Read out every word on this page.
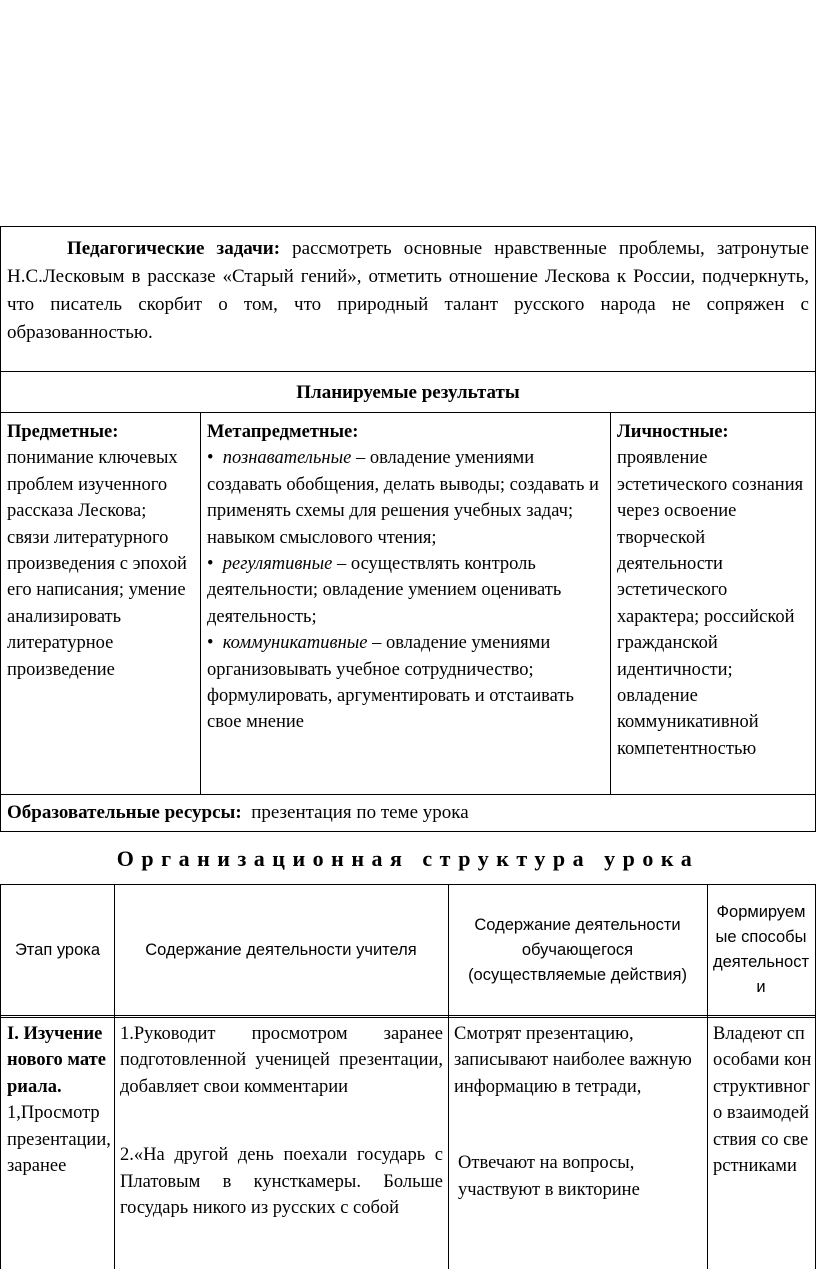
Педагогические задачи: рассмотреть основные нравственные проблемы, затронутые Н.С.Лесковым в рассказе «Старый гений», отметить отношение Лескова к России, подчеркнуть, что писатель скорбит о том, что природный талант русского народа не сопряжен с образованностью.
Планируемые результаты
Предметные:
понимание ключевых проблем изученного рассказа Лескова; связи литературного произведения с эпохой его написания; умение анализировать литературное произведение
Метапредметные:
• познавательные – овладение умениями создавать обобщения, делать выводы; создавать и применять схемы для решения учебных задач; навыком смыслового чтения;
• регулятивные – осуществлять контроль деятельности; овладение умением оценивать деятельность;
• коммуникативные – овладение умениями организовывать учебное сотрудничество; формулировать, аргументировать и отстаивать свое мнение
Личностные:
проявление эстетического сознания через освоение творческой деятельности эстетического характера; российской гражданской идентичности; овладение коммуникативной компетентностью
Образовательные ресурсы:  презентация по теме урока
Организационная структура урока
Этап урока	Содержание деятельности учителя
Содержание деятельности обучающегося (осуществляемые действия)
Формируемые способы деятельности
I. Изучение нового материала.
1,Просмотр презентации, заранее
1.Руководит просмотром заранее подготовленной ученицей презентации, добавляет свои комментарии
2.«На другой день поехали государь с Платовым в кунсткамеры. Больше государь никого из русских с собой
Смотрят презентацию, записывают наиболее важную информацию в тетради,
Отвечают на вопросы, участвуют в викторине
Владеют способами конструктивного взаимодействия со сверстниками
